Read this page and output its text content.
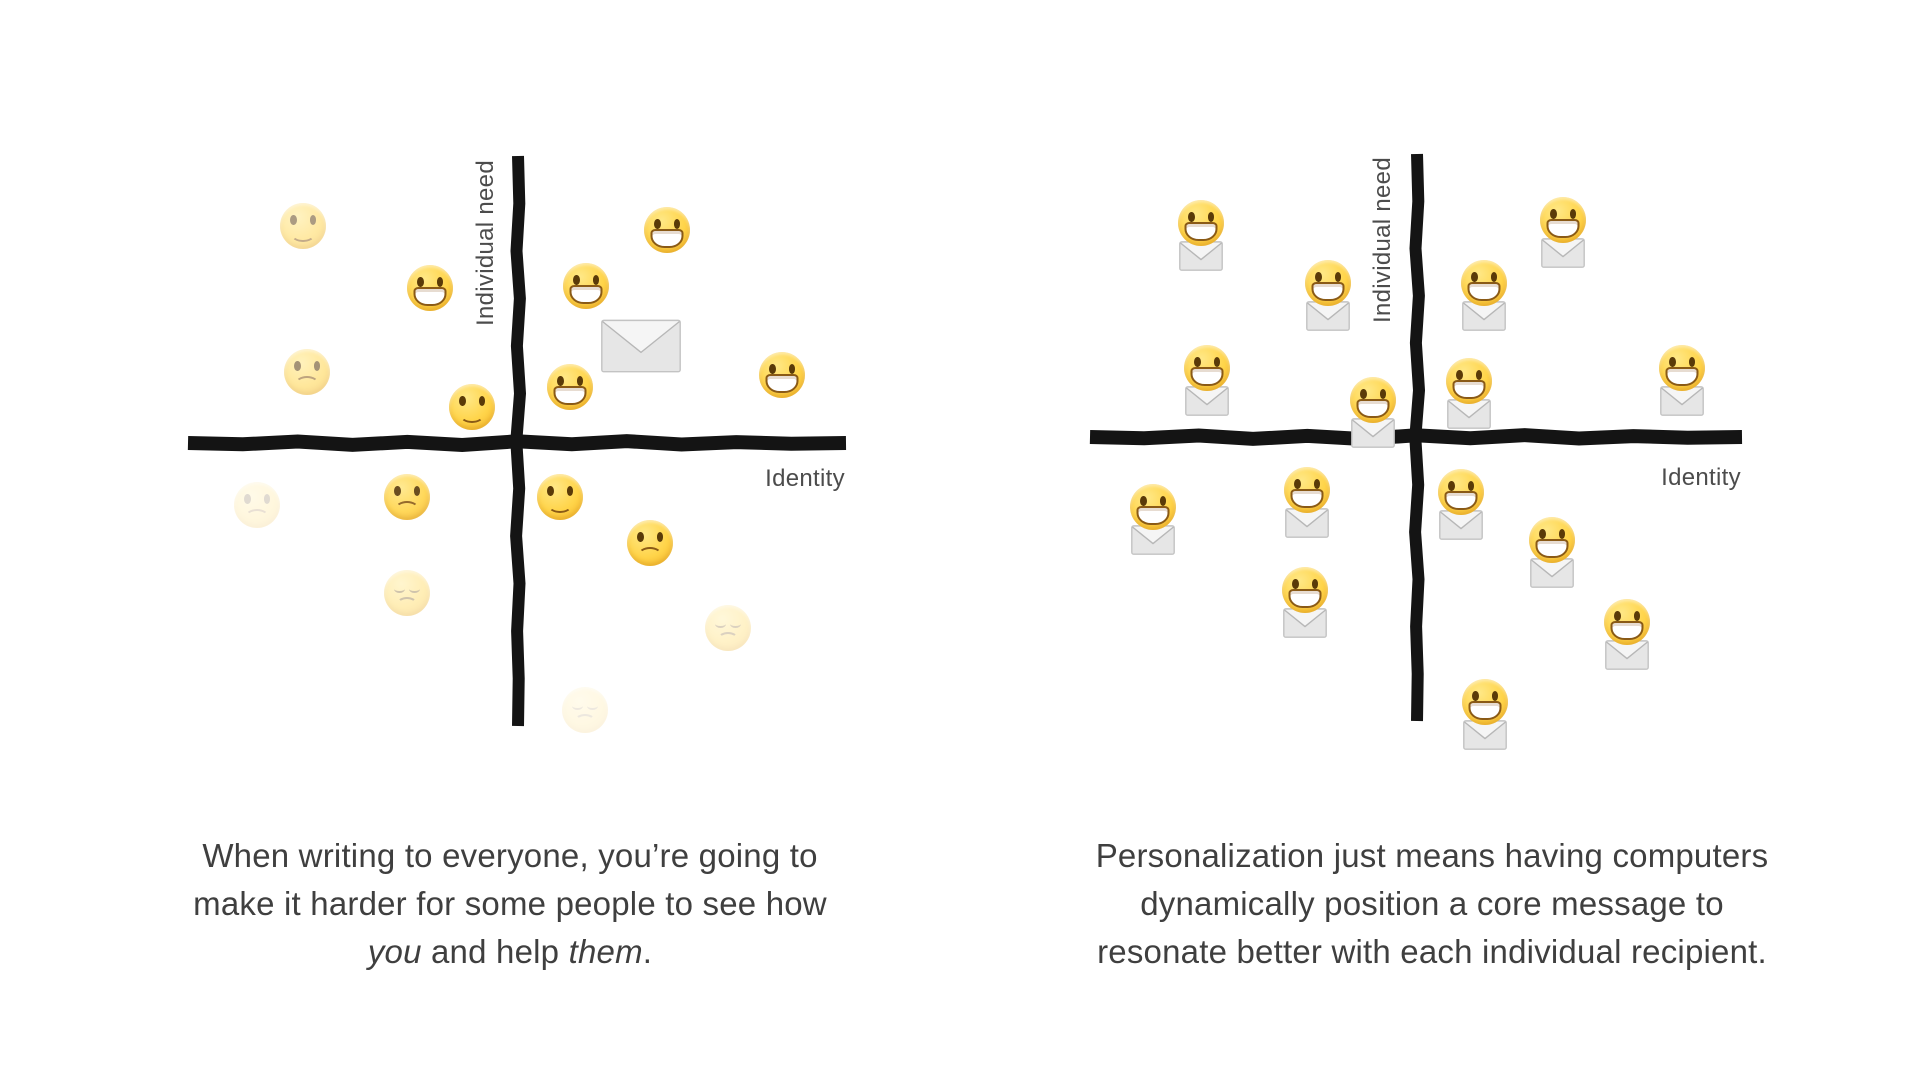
Identity
Individual need
Identity
Individual need
When writing to everyone, you’re going to
make it harder for some people to see how
you and help them.
Personalization just means having computers
dynamically position a core message to
resonate better with each individual recipient.
